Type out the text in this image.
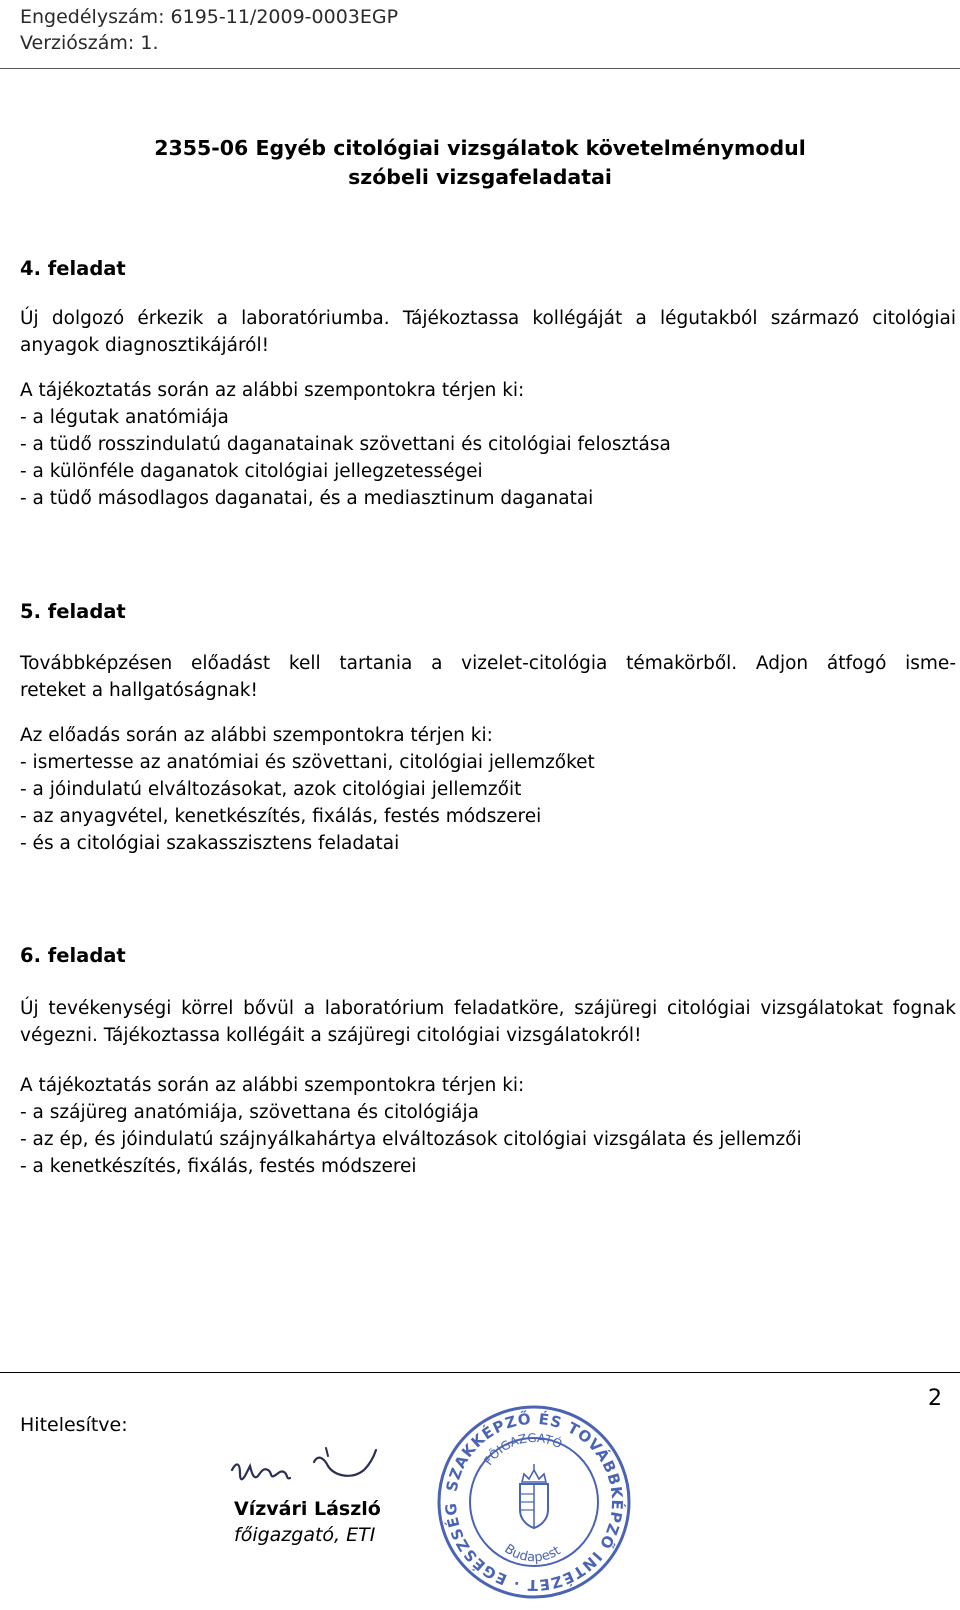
Engedélyszám: 6195-11/2009-0003EGP
Verziószám: 1.
2355-06 Egyéb citológiai vizsgálatok követelménymodul
szóbeli vizsgafeladatai
4. feladat
Új dolgozó érkezik a laboratóriumba. Tájékoztassa kollégáját a légutakból származó citológiai anyagok diagnosztikájáról!
A tájékoztatás során az alábbi szempontokra térjen ki:
- a légutak anatómiája
- a tüdő rosszindulatú daganatainak szövettani és citológiai felosztása
- a különféle daganatok citológiai jellegzetességei
- a tüdő másodlagos daganatai, és a mediasztinum daganatai
5. feladat
Továbbképzésen előadást kell tartania a vizelet-citológia témakörből. Adjon átfogó isme-
reteket a hallgatóságnak!
Az előadás során az alábbi szempontokra térjen ki:
- ismertesse az anatómiai és szövettani, citológiai jellemzőket
- a jóindulatú elváltozásokat, azok citológiai jellemzőit
- az anyagvétel, kenetkészítés, fixálás, festés módszerei
- és a citológiai szakasszisztens feladatai
6. feladat
Új tevékenységi körrel bővül a laboratórium feladatköre, szájüregi citológiai vizsgálatokat fognak végezni. Tájékoztassa kollégáit a szájüregi citológiai vizsgálatokról!
A tájékoztatás során az alábbi szempontokra térjen ki:
- a szájüreg anatómiája, szövettana és citológiája
- az ép, és jóindulatú szájnyálkahártya elváltozások citológiai vizsgálata és jellemzői
- a kenetkészítés, fixálás, festés módszerei
2
Hitelesítve:
Vízvári László
főigazgató, ETI
SZAKKÉPZŐ ÉS TOVÁBBKÉPZŐ INTÉZET · EGÉSZSÉG
FŐIGAZGATÓ
Budapest
